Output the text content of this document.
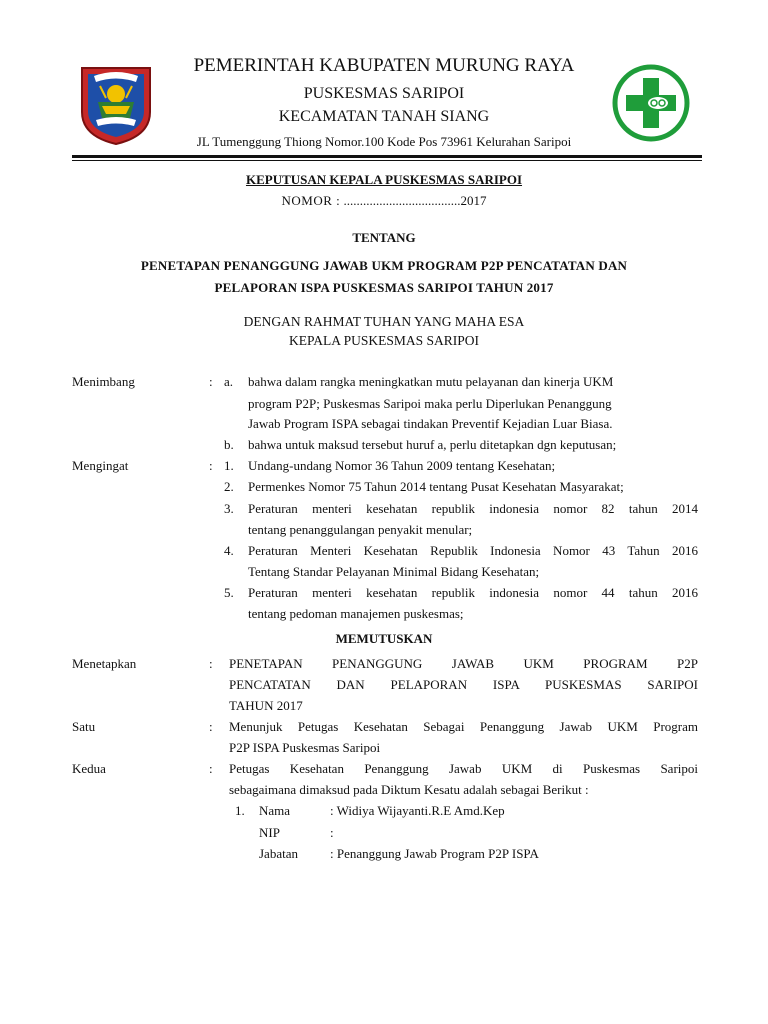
PEMERINTAH KABUPATEN MURUNG RAYA
PUSKESMAS SARIPOI
KECAMATAN TANAH SIANG
JL Tumenggung Thiong Nomor.100 Kode Pos 73961 Kelurahan Saripoi
KEPUTUSAN KEPALA PUSKESMAS SARIPOI
NOMOR : ....................................2017
TENTANG
PENETAPAN PENANGGUNG JAWAB UKM PROGRAM P2P PENCATATAN DAN
PELAPORAN ISPA PUSKESMAS SARIPOI TAHUN 2017
DENGAN RAHMAT TUHAN YANG MAHA ESA
KEPALA PUSKESMAS SARIPOI
Menimbang	: a. bahwa dalam rangka meningkatkan mutu pelayanan dan kinerja UKM
program P2P; Puskesmas Saripoi maka perlu Diperlukan Penanggung
Jawab Program ISPA sebagai tindakan Preventif Kejadian Luar Biasa.
b. bahwa untuk maksud tersebut huruf a, perlu ditetapkan dgn keputusan;
Mengingat	: 1. Undang-undang Nomor 36 Tahun 2009 tentang Kesehatan;
2. Permenkes Nomor 75 Tahun 2014 tentang Pusat Kesehatan Masyarakat;
3. Peraturan menteri kesehatan republik indonesia nomor 82 tahun 2014
tentang penanggulangan penyakit menular;
4. Peraturan Menteri Kesehatan Republik Indonesia Nomor 43 Tahun 2016
Tentang Standar Pelayanan Minimal Bidang Kesehatan;
5. Peraturan menteri kesehatan republik indonesia nomor 44 tahun 2016
tentang pedoman manajemen puskesmas;
MEMUTUSKAN
Menetapkan	: PENETAPAN PENANGGUNG JAWAB UKM PROGRAM P2P
PENCATATAN DAN PELAPORAN ISPA PUSKESMAS SARIPOI
TAHUN 2017
Satu	: Menunjuk Petugas Kesehatan Sebagai Penanggung Jawab UKM Program
P2P ISPA Puskesmas Saripoi
Kedua	: Petugas Kesehatan Penanggung Jawab UKM di Puskesmas Saripoi
sebagaimana dimaksud pada Diktum Kesatu adalah sebagai Berikut :
1. Nama	: Widiya Wijayanti.R.E Amd.Kep
NIP	:
Jabatan : Penanggung Jawab Program P2P ISPA
